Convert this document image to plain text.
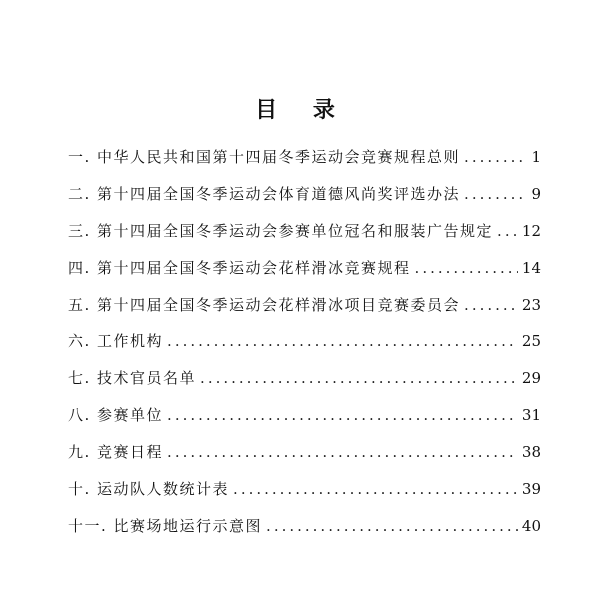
目 录
一. 中华人民共和国第十四届冬季运动会竞赛规程总则 .....	1
二. 第十四届全国冬季运动会体育道德风尚奖评选办法 .....	9
三. 第十四届全国冬季运动会参赛单位冠名和服装广告规定 ..... 12
四. 第十四届全国冬季运动会花样滑冰竞赛规程 .....	14
五. 第十四届全国冬季运动会花样滑冰项目竞赛委员会 .....	23
六. 工作机构 .....	25
七. 技术官员名单 .....	29
八. 参赛单位 .....	31
九. 竞赛日程 .....	38
十. 运动队人数统计表 .....	39
十一. 比赛场地运行示意图 .....	40
